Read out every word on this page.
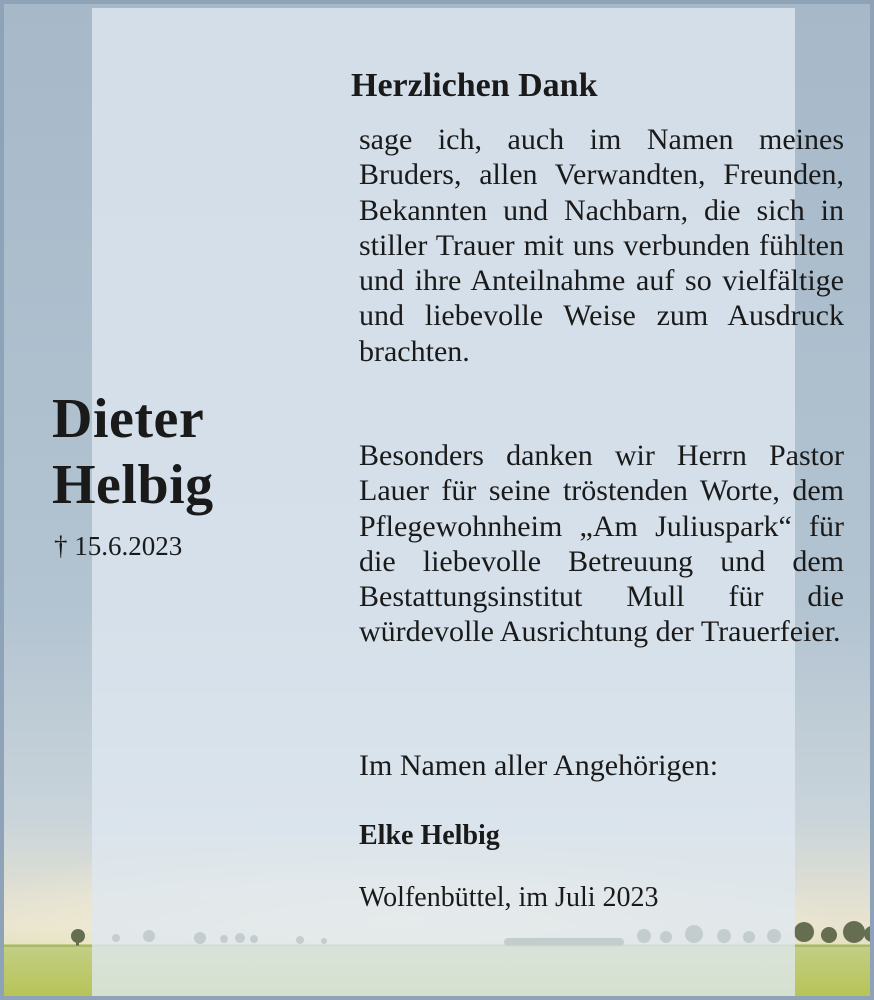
Dieter
Helbig
† 15.6.2023
Herzlichen Dank

sage ich, auch im Namen meines Bruders, allen Verwandten, Freunden, Bekannten und Nachbarn, die sich in stiller Trauer mit uns verbunden fühlten und ihre Anteilnahme auf so vielfältige und liebevolle Weise zum Ausdruck brachten.

Besonders danken wir Herrn Pastor Lauer für seine tröstenden Worte, dem Pflegewohnheim „Am Juliuspark“ für die liebevolle Betreuung und dem Bestattungsinstitut Mull für die würdevolle Ausrichtung der Trauerfeier.

Im Namen aller Angehörigen:
Elke Helbig
Wolfenbüttel, im Juli 2023
